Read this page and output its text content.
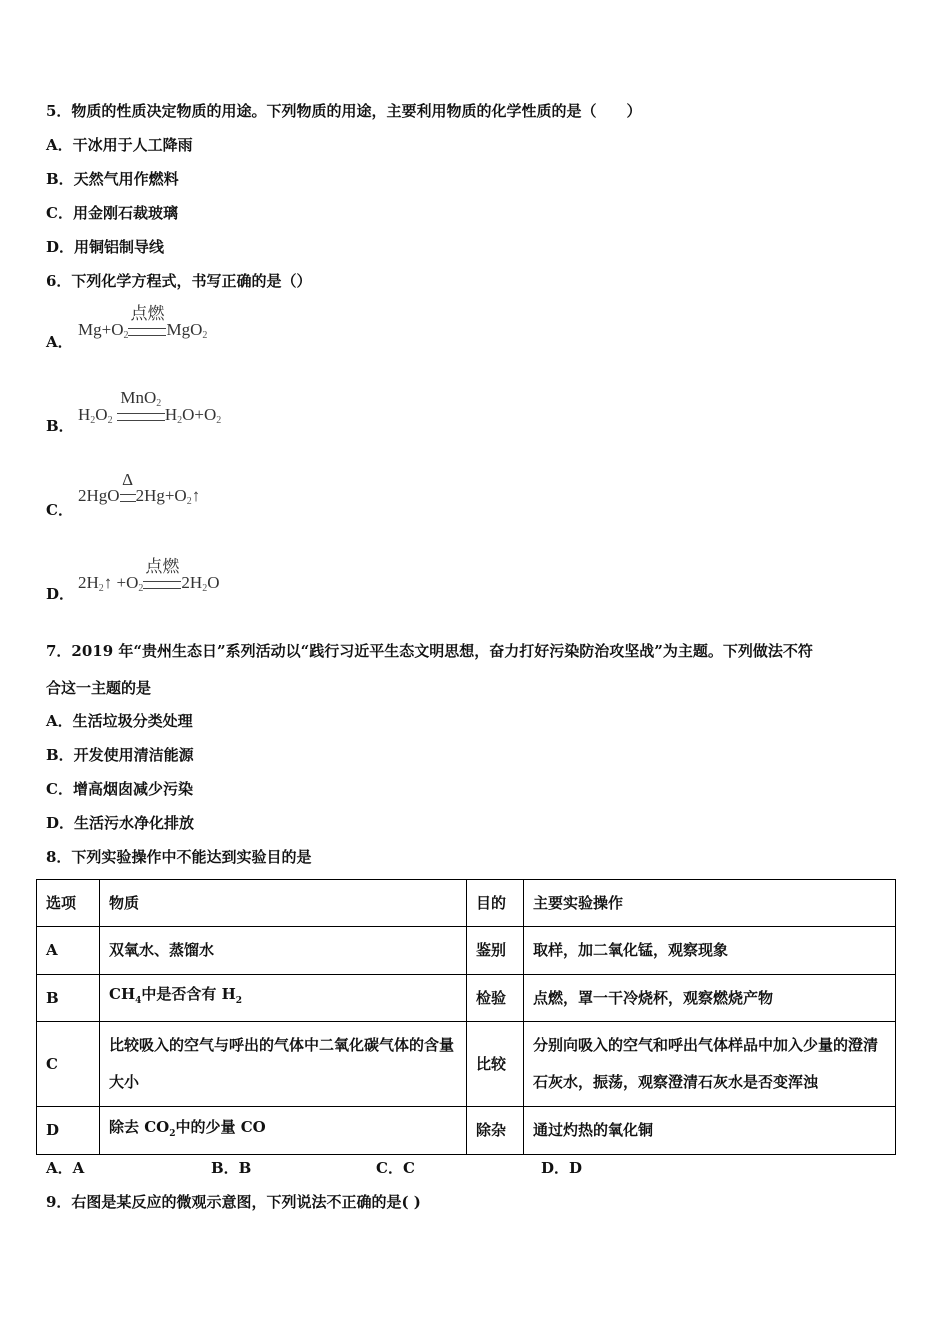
5．物质的性质决定物质的用途。下列物质的用途，主要利用物质的化学性质的是（　　）
A．干冰用于人工降雨
B．天然气用作燃料
C．用金刚石裁玻璃
D．用铜铝制导线
6．下列化学方程式，书写正确的是（）
A．
$Mg+O_2$
点燃
MgO$_2$
B．
$H_2O_2$
MnO$_2$
$H_2O+O_2$
C．
2HgO
Δ
$2Hg+O_2↑$
D．
$2H_2↑ +O_2$
点燃
$2H_2O$
7．2019 年“贵州生态日”系列活动以“践行习近平生态文明思想，奋力打好污染防治攻坚战”为主题。下列做法不符
合这一主题的是
A．生活垃圾分类处理
B．开发使用清洁能源
C．增高烟囱减少污染
D．生活污水净化排放
8．下列实验操作中不能达到实验目的是
选项	物质	目的	主要实验操作
A	双氧水、蒸馏水	鉴别	取样，加二氧化锰，观察现象
B	$CH_4$中是否含有 $H_2$	检验	点燃，罩一干冷烧杯，观察燃烧产物
C	比较吸入的空气与呼出的气体中二氧化碳气体的含量大小	比较	分别向吸入的空气和呼出气体样品中加入少量的澄清石灰水，振荡，观察澄清石灰水是否变浑浊
D	除去 $CO_2$中的少量 CO	除杂	通过灼热的氧化铜
A．A	B．B	C．C	D．D
9．右图是某反应的微观示意图，下列说法不正确的是( )
